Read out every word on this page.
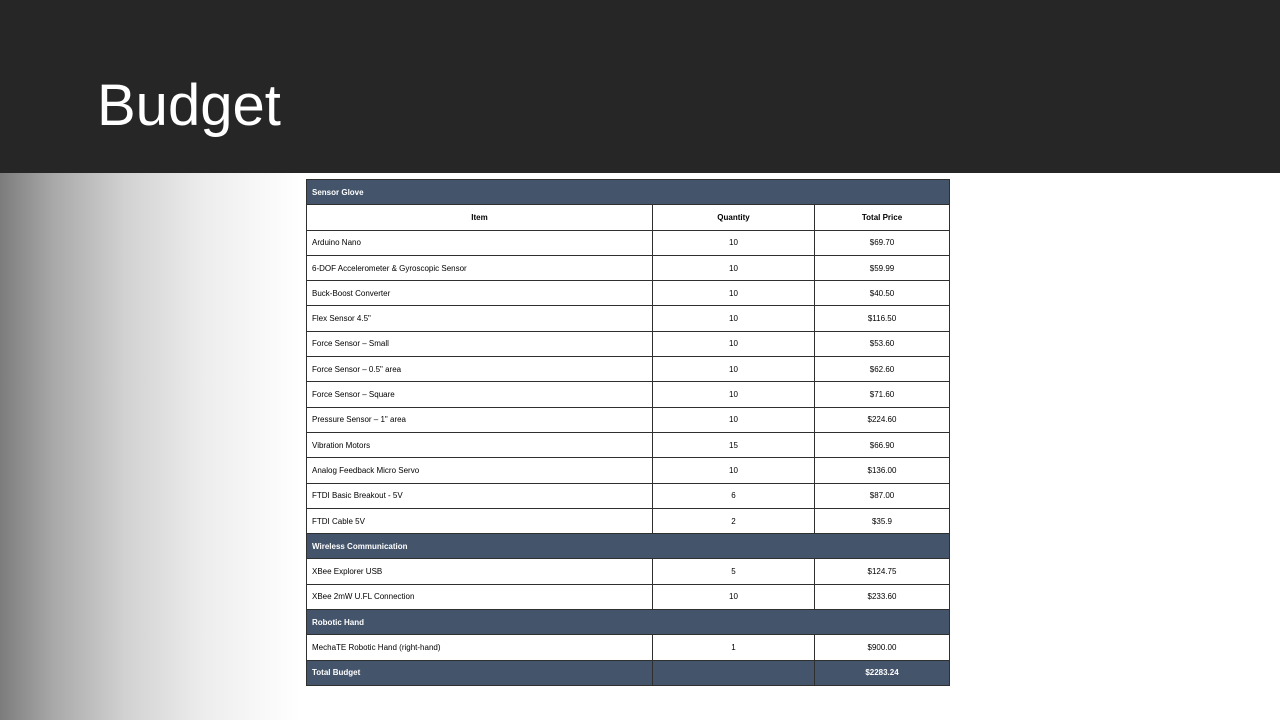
Budget
Sensor Glove		
Item	Quantity	Total Price
Arduino Nano	10	$69.70
6-DOF Accelerometer & Gyroscopic Sensor	10	$59.99
Buck-Boost Converter	10	$40.50
Flex Sensor 4.5"	10	$116.50
Force Sensor – Small	10	$53.60
Force Sensor – 0.5" area	10	$62.60
Force Sensor – Square	10	$71.60
Pressure Sensor – 1" area	10	$224.60
Vibration Motors	15	$66.90
Analog Feedback Micro Servo	10	$136.00
FTDI Basic Breakout - 5V	6	$87.00
FTDI Cable 5V	2	$35.9
Wireless Communication		
XBee Explorer USB	5	$124.75
XBee 2mW U.FL Connection	10	$233.60
Robotic Hand		
MechaTE Robotic Hand (right-hand)	1	$900.00
Total Budget		$2283.24
